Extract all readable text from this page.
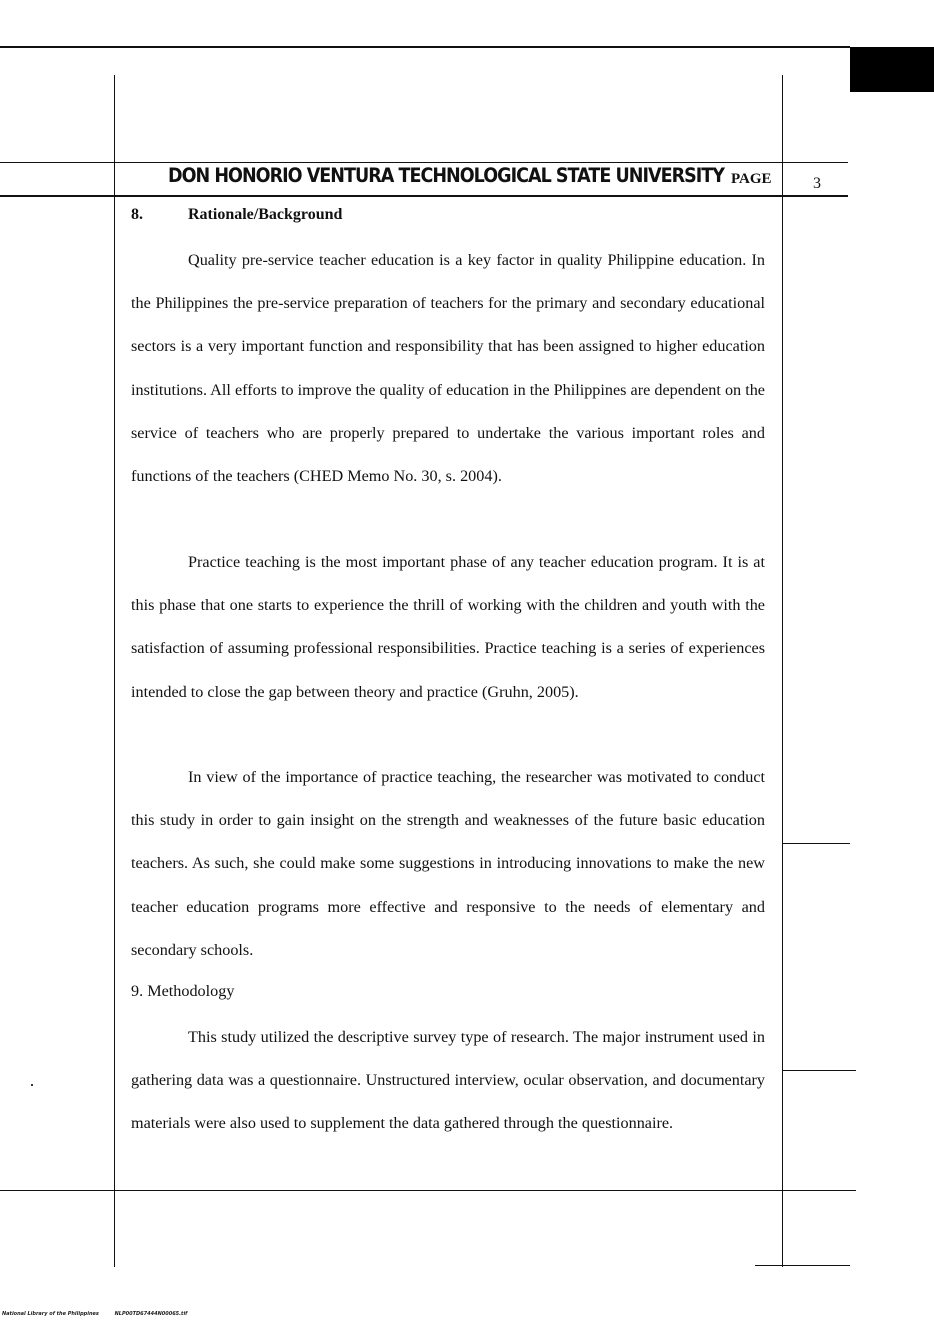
DON HONORIO VENTURA TECHNOLOGICAL STATE UNIVERSITY PAGE	3
8.	Rationale/Background

Quality pre-service teacher education is a key factor in quality Philippine education. In the Philippines the pre-service preparation of teachers for the primary and secondary educational sectors is a very important function and responsibility that has been assigned to higher education institutions. All efforts to improve the quality of education in the Philippines are dependent on the service of teachers who are properly prepared to undertake the various important roles and functions of the teachers (CHED Memo No. 30, s. 2004).

Practice teaching is the most important phase of any teacher education program. It is at this phase that one starts to experience the thrill of working with the children and youth with the satisfaction of assuming professional responsibilities. Practice teaching is a series of experiences intended to close the gap between theory and practice (Gruhn, 2005).

In view of the importance of practice teaching, the researcher was motivated to conduct this study in order to gain insight on the strength and weaknesses of the future basic education teachers. As such, she could make some suggestions in introducing innovations to make the new teacher education programs more effective and responsive to the needs of elementary and secondary schools.

9. Methodology

This study utilized the descriptive survey type of research. The major instrument used in gathering data was a questionnaire. Unstructured interview, ocular observation, and documentary materials were also used to supplement the data gathered through the questionnaire.

National Library of the Philippines	NLP00TD67444N00065.tif
